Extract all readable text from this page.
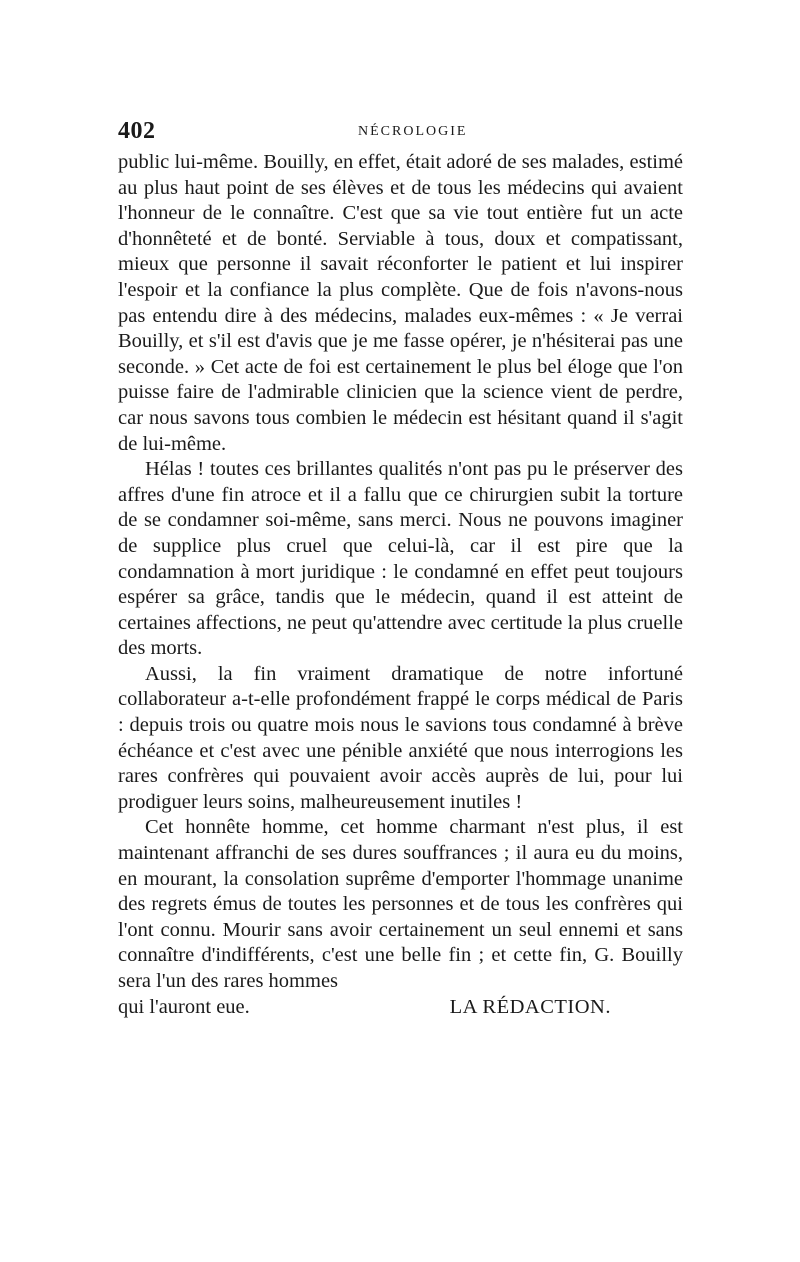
402	NÉCROLOGIE

public lui-même. Bouilly, en effet, était adoré de ses malades, estimé au plus haut point de ses élèves et de tous les médecins qui avaient l'honneur de le connaître. C'est que sa vie tout entière fut un acte d'honnêteté et de bonté. Serviable à tous, doux et compatissant, mieux que personne il savait réconforter le patient et lui inspirer l'espoir et la confiance la plus complète. Que de fois n'avons-nous pas entendu dire à des médecins, malades eux-mêmes : « Je verrai Bouilly, et s'il est d'avis que je me fasse opérer, je n'hésiterai pas une seconde. » Cet acte de foi est certainement le plus bel éloge que l'on puisse faire de l'admirable clinicien que la science vient de perdre, car nous savons tous combien le médecin est hésitant quand il s'agit de lui-même.

Hélas ! toutes ces brillantes qualités n'ont pas pu le préserver des affres d'une fin atroce et il a fallu que ce chirurgien subit la torture de se condamner soi-même, sans merci. Nous ne pouvons imaginer de supplice plus cruel que celui-là, car il est pire que la condamnation à mort juridique : le condamné en effet peut toujours espérer sa grâce, tandis que le médecin, quand il est atteint de certaines affections, ne peut qu'attendre avec certitude la plus cruelle des morts.

Aussi, la fin vraiment dramatique de notre infortuné collaborateur a-t-elle profondément frappé le corps médical de Paris : depuis trois ou quatre mois nous le savions tous condamné à brève échéance et c'est avec une pénible anxiété que nous interrogions les rares confrères qui pouvaient avoir accès auprès de lui, pour lui prodiguer leurs soins, malheureusement inutiles !

Cet honnête homme, cet homme charmant n'est plus, il est maintenant affranchi de ses dures souffrances ; il aura eu du moins, en mourant, la consolation suprême d'emporter l'hommage unanime des regrets émus de toutes les personnes et de tous les confrères qui l'ont connu. Mourir sans avoir certainement un seul ennemi et sans connaître d'indifférents, c'est une belle fin ; et cette fin, G. Bouilly sera l'un des rares hommes

qui l'auront eue.	LA RÉDACTION.
